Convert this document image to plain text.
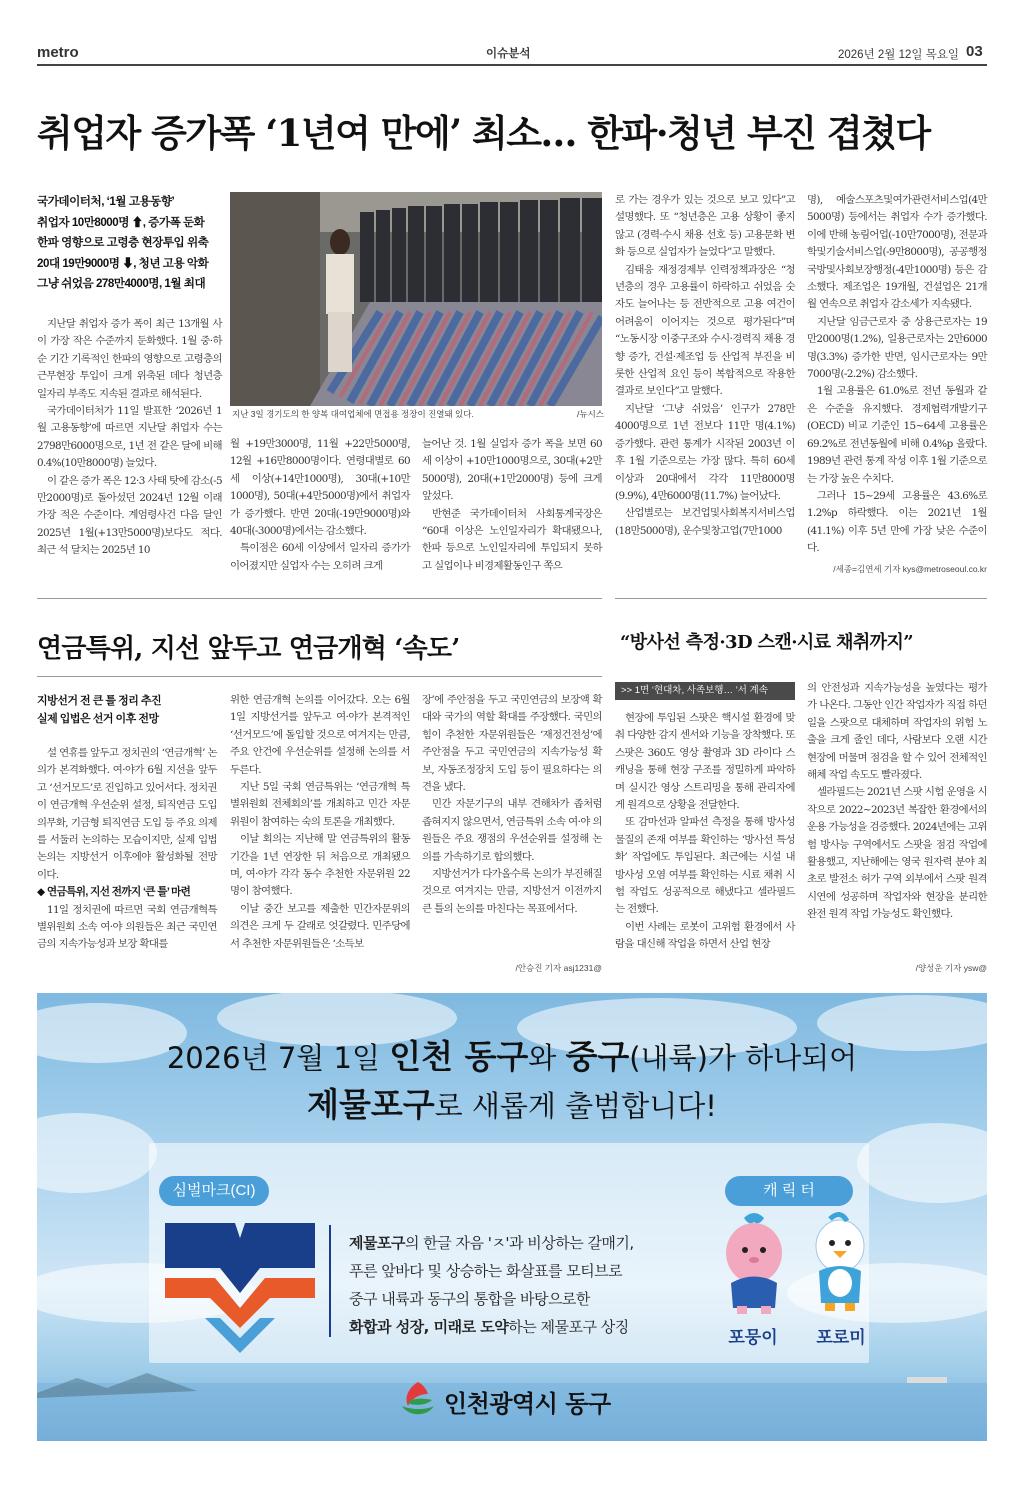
metro	이슈분석	2026년 2월 12일 목요일 03
취업자 증가폭 ‘1년여 만에’ 최소… 한파·청년 부진 겹쳤다
국가데이터처, ‘1월 고용동향’
취업자 10만8000명 ⬆, 증가폭 둔화
한파 영향으로 고령층 현장투입 위축
20대 19만9000명 ⬇, 청년 고용 악화
그냥 쉬었음 278만4000명, 1월 최대
지난 3일 경기도의 한 양복 대여업체에 면접용 정장이 진열돼 있다.	/뉴시스

지난달 취업자 증가 폭이 최근 13개월 사이 가장 작은 수준까지 둔화했다. 1월 중·하순 기간 기록적인 한파의 영향으로 고령층의 근무현장 투입이 크게 위축된 데다 청년층 일자리 부족도 지속된 결과로 해석된다.

국가데이터처가 11일 발표한 ‘2026년 1월 고용동향’에 따르면 지난달 취업자 수는 2798만6000명으로, 1년 전 같은 달에 비해 0.4%(10만8000명) 늘었다.

이 같은 증가 폭은 12·3 사태 탓에 감소(-5만2000명)로 돌아섰던 2024년 12월 이래 가장 적은 수준이다. 계엄령사건 다음 달인 2025년 1월(+13만5000명)보다도 적다. 최근 석 달치는 2025년 10

월 +19만3000명, 11월 +22만5000명, 12월 +16만8000명이다. 연령대별로 60세 이상(+14만1000명), 30대(+10만1000명), 50대(+4만5000명)에서 취업자가 증가했다. 반면 20대(-19만9000명)와 40대(-3000명)에서는 감소했다.

특이점은 60세 이상에서 일자리 증가가 이어졌지만 실업자 수는 오히려 크게

늘어난 것. 1월 실업자 증가 폭을 보면 60세 이상이 +10만1000명으로, 30대(+2만5000명), 20대(+1만2000명) 등에 크게 앞섰다.

반현준 국가데이터처 사회통계국장은 “60대 이상은 노인일자리가 확대됐으나, 한파 등으로 노인일자리에 투입되지 못하고 실업이나 비경제활동인구 쪽으

로 가는 경우가 있는 것으로 보고 있다”고 설명했다. 또 “청년층은 고용 상황이 좋지 않고 (경력·수시 채용 선호 등) 고용문화 변화 등으로 실업자가 늘었다”고 말했다.

김태응 재정경제부 인력정책과장은 “청년층의 경우 고용률이 하락하고 쉬었음 숫자도 늘어나는 등 전반적으로 고용 여건이 어려움이 이어지는 것으로 평가된다”며 “노동시장 이중구조와 수시·경력직 채용 경향 증가, 건설·제조업 등 산업적 부진을 비롯한 산업적 요인 등이 복합적으로 작용한 결과로 보인다”고 말했다.

지난달 ‘그냥 쉬었음’ 인구가 278만4000명으로 1년 전보다 11만 명(4.1%) 증가했다. 관련 통계가 시작된 2003년 이후 1월 기준으로는 가장 많다. 특히 60세 이상과 20대에서 각각 11만8000명(9.9%), 4만6000명(11.7%) 늘어났다.

산업별로는 보건업및사회복지서비스업(18만5000명), 운수및창고업(7만1000

명), 예술스포츠및여가관련서비스업(4만5000명) 등에서는 취업자 수가 증가했다. 이에 반해 농림어업(-10만7000명), 전문과학및기술서비스업(-9만8000명), 공공행정국방및사회보장행정(-4만1000명) 등은 감소했다. 제조업은 19개월, 건설업은 21개월 연속으로 취업자 감소세가 지속됐다.

지난달 임금근로자 중 상용근로자는 19만2000명(1.2%), 일용근로자는 2만6000명(3.3%) 증가한 반면, 임시근로자는 9만7000명(-2.2%) 감소했다.

1월 고용률은 61.0%로 전년 동월과 같은 수준을 유지했다. 경제협력개발기구(OECD) 비교 기준인 15~64세 고용률은 69.2%로 전년동월에 비해 0.4%p 올랐다. 1989년 관련 통계 작성 이후 1월 기준으로는 가장 높은 수치다.

그러나 15~29세 고용률은 43.6%로 1.2%p 하락했다. 이는 2021년 1월(41.1%) 이후 5년 만에 가장 낮은 수준이다.

/세종=김연세 기자 kys@metroseoul.co.kr
연금특위, 지선 앞두고 연금개혁 ‘속도’
지방선거 전 큰 틀 정리 추진
실제 입법은 선거 이후 전망

설 연휴를 앞두고 정치권의 ‘연금개혁’ 논의가 본격화했다. 여·야가 6월 지선을 앞두고 ‘선거모드’로 진입하고 있어서다. 정치권이 연금개혁 우선순위 설정, 퇴직연금 도입 의무화, 기금형 퇴직연금 도입 등 주요 의제를 서둘러 논의하는 모습이지만, 실제 입법 논의는 지방선거 이후에야 활성화될 전망이다.

◆ 연금특위, 지선 전까지 ‘큰 틀’ 마련

11일 정치권에 따르면 국회 연금개혁특별위원회 소속 여·야 의원들은 최근 국민연금의 지속가능성과 보장 확대를

위한 연금개혁 논의를 이어갔다. 오는 6월 1일 지방선거를 앞두고 여·야가 본격적인 ‘선거모드’에 돌입할 것으로 여겨지는 만큼, 주요 안건에 우선순위를 설정해 논의를 서두른다.

지난 5일 국회 연금특위는 ‘연금개혁 특별위원회 전체회의’를 개최하고 민간 자문위원이 참여하는 숙의 토론을 개최했다.

이날 회의는 지난해 말 연금특위의 활동 기간을 1년 연장한 뒤 처음으로 개최됐으며, 여·야가 각각 동수 추천한 자문위원 22명이 참여했다.

이날 중간 보고를 제출한 민간자문위의 의견은 크게 두 갈래로 엇갈렸다. 민주당에서 추천한 자문위원들은 ‘소득보

장’에 주안점을 두고 국민연금의 보장액 확대와 국가의 역할 확대를 주장했다. 국민의힘이 추천한 자문위원들은 ‘재정건전성’에 주안점을 두고 국민연금의 지속가능성 확보, 자동조정장치 도입 등이 필요하다는 의견을 냈다.

민간 자문기구의 내부 견해차가 좁처럼 좁혀지지 않으면서, 연금특위 소속 여·야 의원들은 주요 쟁점의 우선순위를 설정해 논의를 가속하기로 합의했다.

지방선거가 다가올수록 논의가 부진해질 것으로 여겨지는 만큼, 지방선거 이전까지 큰 틀의 논의를 마친다는 목표에서다.

/안승진 기자 asj1231@
“방사선 측정·3D 스캔·시료 채취까지”
>> 1면 ‘현대차, 사족보행… ’서 계속

현장에 투입된 스팟은 핵시설 환경에 맞춰 다양한 감지 센서와 기능을 장착했다. 또 스팟은 360도 영상 촬영과 3D 라이다 스캐닝을 통해 현장 구조를 정밀하게 파악하며 실시간 영상 스트리밍을 통해 관리자에게 원격으로 상황을 전달한다.

또 감마선과 알파선 측정을 통해 방사성 물질의 존재 여부를 확인하는 ‘방사선 특성화’ 작업에도 투입된다. 최근에는 시설 내 방사성 오염 여부를 확인하는 시료 채취 시험 작업도 성공적으로 해냈다고 셀라필드는 전했다.

이번 사례는 로봇이 고위험 환경에서 사람을 대신해 작업을 하면서 산업 현장

의 안전성과 지속가능성을 높였다는 평가가 나온다. 그동안 인간 작업자가 직접 하던 일을 스팟으로 대체하며 작업자의 위험 노출을 크게 줄인 데다, 사람보다 오랜 시간 현장에 머물며 점검을 할 수 있어 전체적인 해체 작업 속도도 빨라졌다.

셀라필드는 2021년 스팟 시험 운영을 시작으로 2022~2023년 복잡한 환경에서의 운용 가능성을 검증했다. 2024년에는 고위험 방사능 구역에서도 스팟을 점검 작업에 활용했고, 지난해에는 영국 원자력 분야 최초로 발전소 허가 구역 외부에서 스팟 원격 시연에 성공하며 작업자와 현장을 분리한 완전 원격 작업 가능성도 확인했다.

/양성운 기자 ysw@
2026년 7월 1일 인천 동구와 중구(내륙)가 하나되어
제물포구로 새롭게 출범합니다!
심벌마크(CI)	캐 릭 터
제물포구의 한글 자음 'ㅈ'과 비상하는 갈매기,
푸른 앞바다 및 상승하는 화살표를 모티브로
중구 내륙과 동구의 통합을 바탕으로한
화합과 성장, 미래로 도약하는 제물포구 상징
포뭉이	포로미
인천광역시 동구
